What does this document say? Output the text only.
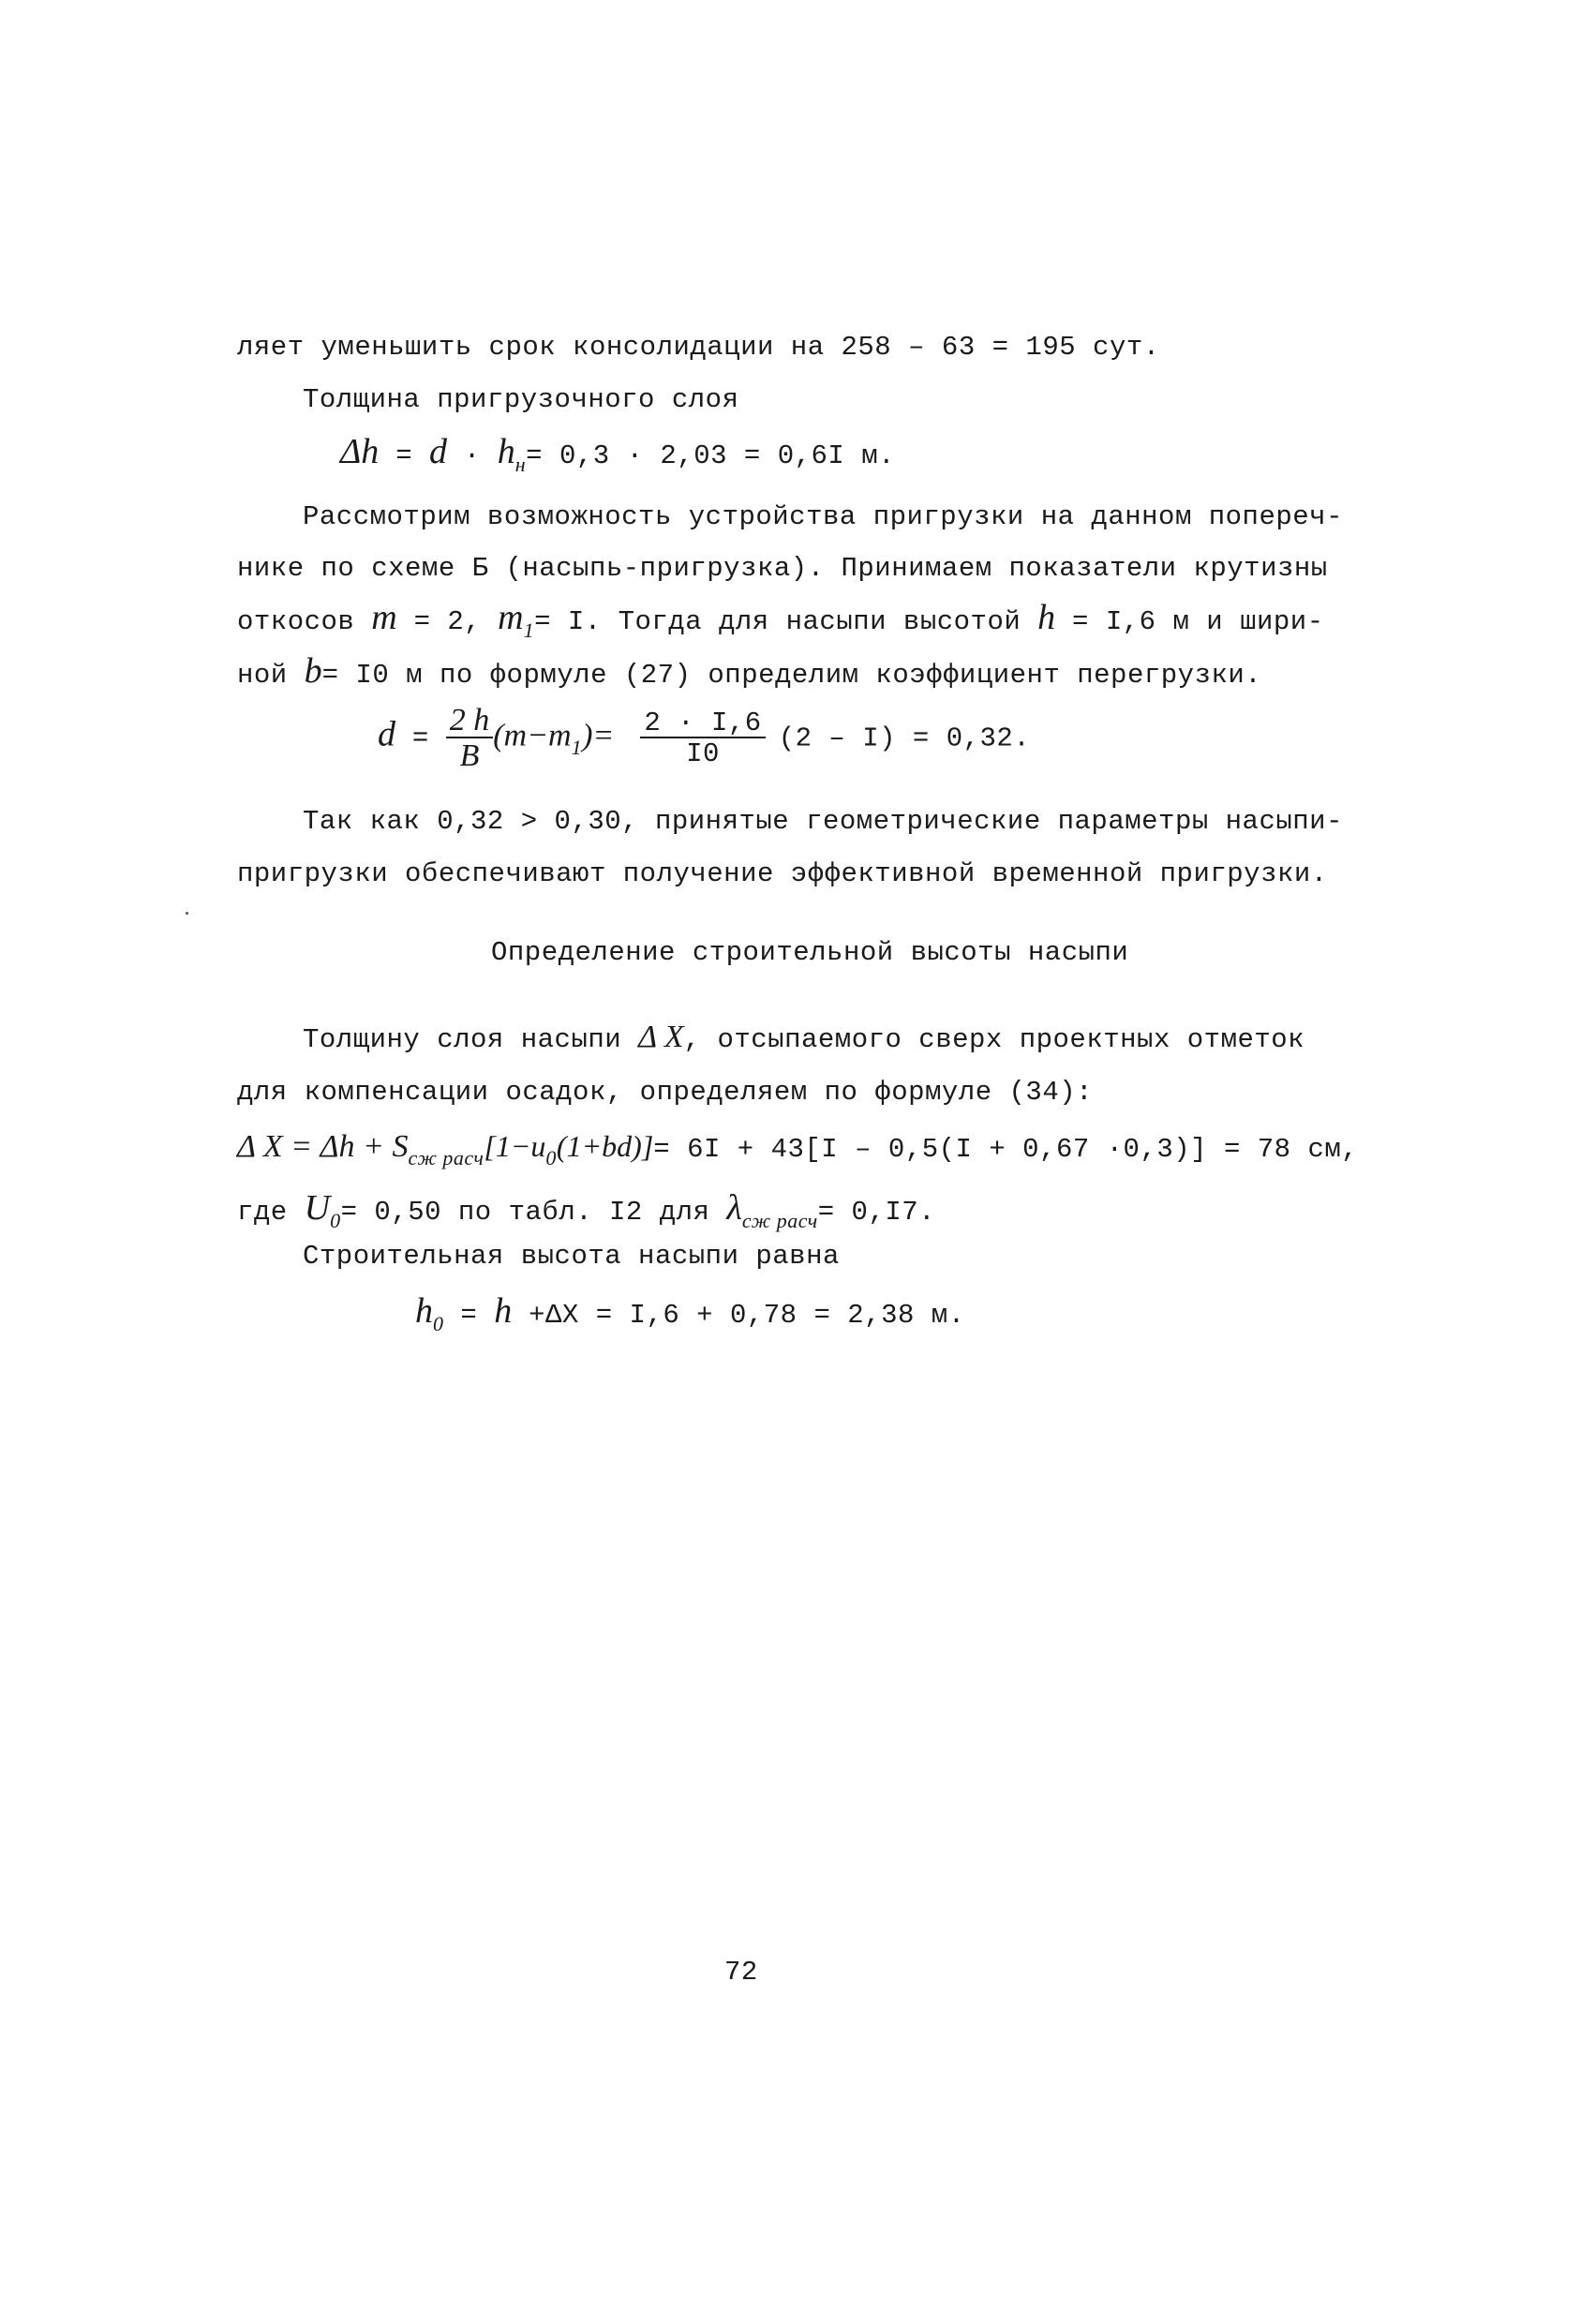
ляет уменьшить срок консолидации на 258 – 63 = 195 сут.
Толщина пригрузочного слоя
$\Delta h = d \cdot h_н= 0,3 \cdot 2,03 = 0,6I$ м.
Рассмотрим возможность устройства пригрузки на данном попереч-
нике по схеме Б (насыпь-пригрузка). Принимаем показатели крутизны
откосов m = 2, $m_1= I$. Тогда для насыпи высотой h = I,6 м и шири-
ной b= I0 м по формуле (27) определим коэффициент перегрузки.
$d = \frac{2 h}{B} (m-m_1)= \frac{2 \cdot I,6}{I0} (2 - I) = 0,32$.
Так как 0,32 > 0,30, принятые геометрические параметры насыпи-
пригрузки обеспечивают получение эффективной временной пригрузки.
Определение строительной высоты насыпи
Толщину слоя насыпи Δ X, отсыпаемого сверх проектных отметок
для компенсации осадок, определяем по формуле (34):
Δ $X = \Delta h + S_{сж расч}[1-u_0(1+bd)]= 6I + 43[I - 0,5(I + 0,67 \cdot 0,3)] = 78$ см,
где $U_0= 0,50$ по табл. I2 для $\lambda_{сж расч}= 0,I7$.
Строительная высота насыпи равна
$h_0 = h +\Delta X = I,6 + 0,78 = 2,38$ м.
72
